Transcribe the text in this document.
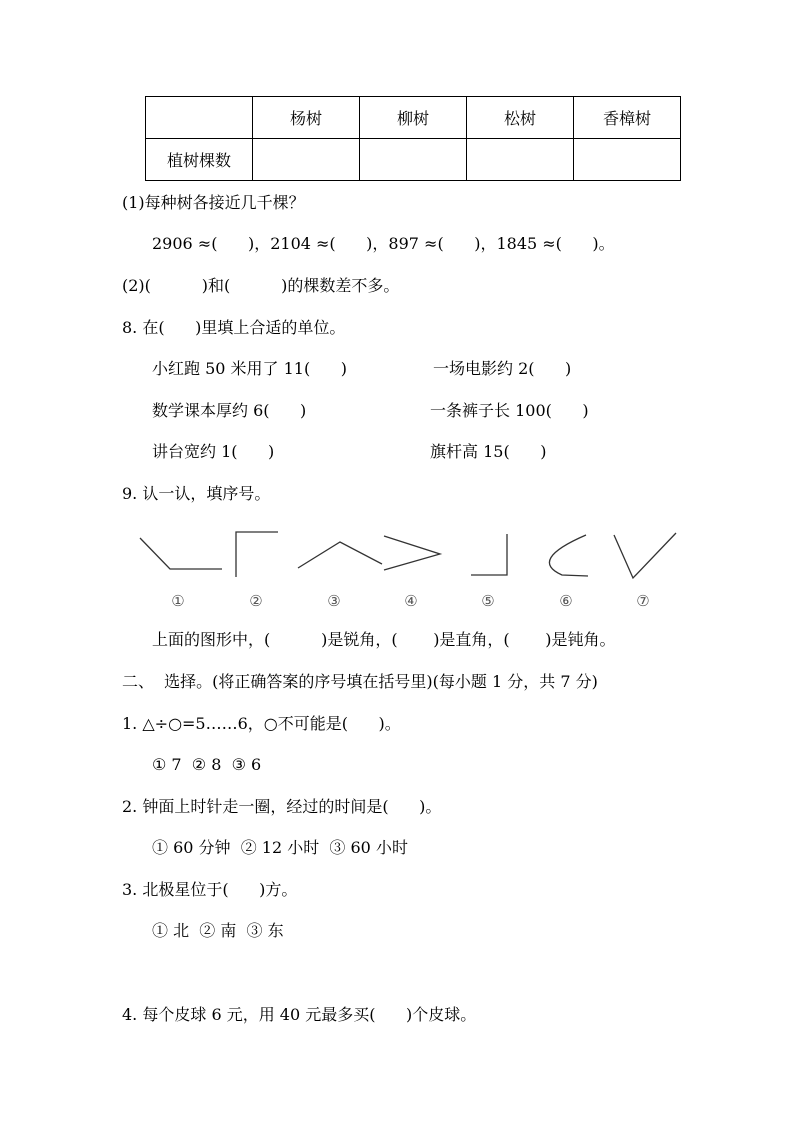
	杨树	柳树	松树	香樟树
植树棵数				
(1)每种树各接近几千棵？
2906 ≈(      )，2104 ≈(      )，897 ≈(      )，1845 ≈(      )。
(2)(          )和(          )的棵数差不多。
8. 在(      )里填上合适的单位。
小红跑 50 米用了 11(      )	一场电影约 2(      )
数学课本厚约 6(      )	一条裤子长 100(      )
讲台宽约 1(      )	旗杆高 15(      )
9. 认一认，填序号。
①	②	③	④	⑤	⑥	⑦
上面的图形中，(          )是锐角，(       )是直角，(       )是钝角。
二、  选择。(将正确答案的序号填在括号里)(每小题 1 分，共 7 分)
1. △÷○=5……6，○不可能是(      )。
① 7  ② 8  ③ 6
2. 钟面上时针走一圈，经过的时间是(      )。
① 60 分钟  ② 12 小时  ③ 60 小时
3. 北极星位于(      )方。
① 北  ② 南  ③ 东
4. 每个皮球 6 元，用 40 元最多买(      )个皮球。
